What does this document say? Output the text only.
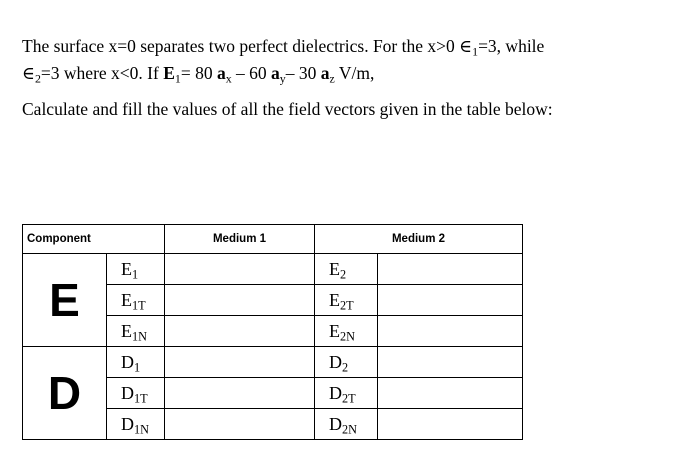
The surface x=0 separates two perfect dielectrics. For the x>0 $\in_1=3$, while

$\in_2=3$ where x<0. If $E_1= 80$ $a_x - 60$ $a_y-$ 30 $a_z$ V/m,

Calculate and fill the values of all the field vectors given in the table below:

Component		Medium 1	Medium 2	
E	$E_1$		$E_2$	
	$E_{1T}$		$E_{2T}$	
	$E_{1N}$		$E_{2N}$	
D	$D_1$		$D_2$	
	$D_{1T}$		$D_{2T}$	
	$D_{1N}$		$D_{2N}$	
